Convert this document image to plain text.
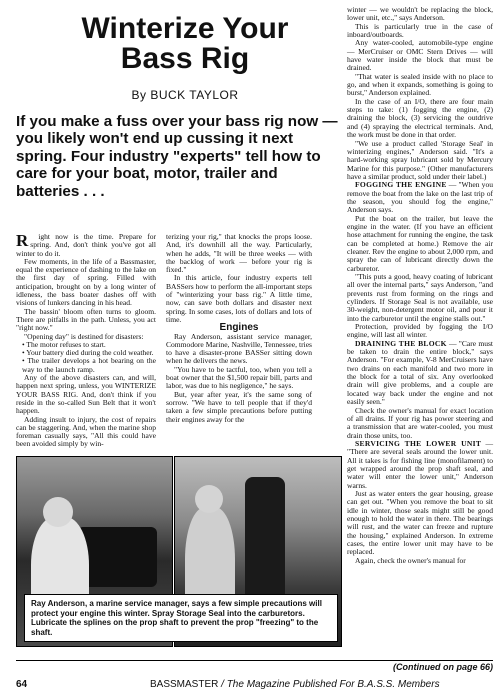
Winterize Your
Bass Rig
By BUCK TAYLOR
If you make a fuss over your bass rig now — you likely won't end up cussing it next spring. Four industry "experts" tell how to care for your boat, motor, trailer and batteries . . .

R ight now is the time. Prepare for spring. And, don't think you've got all winter to do it.

Few moments, in the life of a Bassmaster, equal the experience of dashing to the lake on the first day of spring. Filled with anticipation, brought on by a long winter of idleness, the bass boater dashes off with visions of lunkers dancing in his head.

The bassin' bloom often turns to gloom. There are pitfalls in the path. Unless, you act "right now."

"Opening day" is destined for disasters:

• The motor refuses to start.

• Your battery died during the cold weather.

• The trailer develops a hot bearing on the way to the launch ramp.

Any of the above disasters can, and will, happen next spring, unless, you WINTERIZE YOUR BASS RIG. And, don't think if you reside in the so-called Sun Belt that it won't happen.

Adding insult to injury, the cost of repairs can be staggering. And, when the marine shop foreman casually says, "All this could have been avoided simply by win-

terizing your rig," that knocks the props loose. And, it's downhill all the way. Particularly, when he adds, "It will be three weeks — with the backlog of work — before your rig is fixed."

In this article, four industry experts tell BASSers how to perform the all-important steps of "winterizing your bass rig." A little time, now, can save both dollars and disaster next spring. In some cases, lots of dollars and lots of time.

Engines

Ray Anderson, assistant service manager, Commodore Marine, Nashville, Tennessee, tries to have a disaster-prone BASSer sitting down when he delivers the news.

"You have to be tactful, too, when you tell a boat owner that the $1,500 repair bill, parts and labor, was due to his negligence," he says.

But, year after year, it's the same song of sorrow. "We have to tell people that if they'd taken a few simple precautions before putting their engines away for the

winter — we wouldn't be replacing the block, lower unit, etc.," says Anderson.

This is particularly true in the case of inboard/outboards.

Any water-cooled, automobile-type engine — MerCruiser or OMC Stern Drives — will have water inside the block that must be drained.

"That water is sealed inside with no place to go, and when it expands, something is going to burst," Anderson explained.

In the case of an I/O, there are four main steps to take: (1) fogging the engine, (2) draining the block, (3) servicing the outdrive and (4) spraying the electrical terminals. And, the work must be done in that order.

"We use a product called 'Storage Seal' in winterizing engines," Anderson said. "It's a hard-working spray lubricant sold by Mercury Marine for this purpose." (Other manufacturers have a similar product, sold under their label.)

FOGGING THE ENGINE — "When you remove the boat from the lake on the last trip of the season, you should fog the engine," Anderson says.

Put the boat on the trailer, but leave the engine in the water. (If you have an efficient hose attachment for running the engine, the task can be completed at home.) Remove the air cleaner. Rev the engine to about 2,000 rpm, and spray the can of lubricant directly down the carburetor.

"This puts a good, heavy coating of lubricant all over the internal parts," says Anderson, "and prevents rust from forming on the rings and cylinders. If Storage Seal is not available, use 30-weight, non-detergent motor oil, and pour it into the carburetor until the engine stalls out."

Protection, provided by fogging the I/O engine, will last all winter.

DRAINING THE BLOCK — "Care must be taken to drain the entire block," says Anderson. "For example, V-8 MerCruisers have two drains on each manifold and two more in the block for a total of six. Any overlooked drain will give problems, and a couple are located way back under the engine and not easily seen."

Check the owner's manual for exact location of all drains. If your rig has power steering and a transmission that are water-cooled, you must drain those units, too.

SERVICING THE LOWER UNIT — "There are several seals around the lower unit. All it takes is for fishing line (monofilament) to get wrapped around the prop shaft seal, and water will enter the lower unit," Anderson warns.

Just as water enters the gear housing, grease can get out. "When you remove the boat to sit idle in winter, those seals might still be good enough to hold the water in there. The bearings will rust, and the water can freeze and rupture the housing," explained Anderson. In extreme cases, the entire lower unit may have to be replaced.

Again, check the owner's manual for

Ray Anderson, a marine service manager, says a few simple precautions will protect your engine this winter. Spray Storage Seal into the carburetors. Lubricate the splines on the prop shaft to prevent the prop "freezing" to the shaft.
(Continued on page 66)
64	BASSMASTER / The Magazine Published For B.A.S.S. Members
